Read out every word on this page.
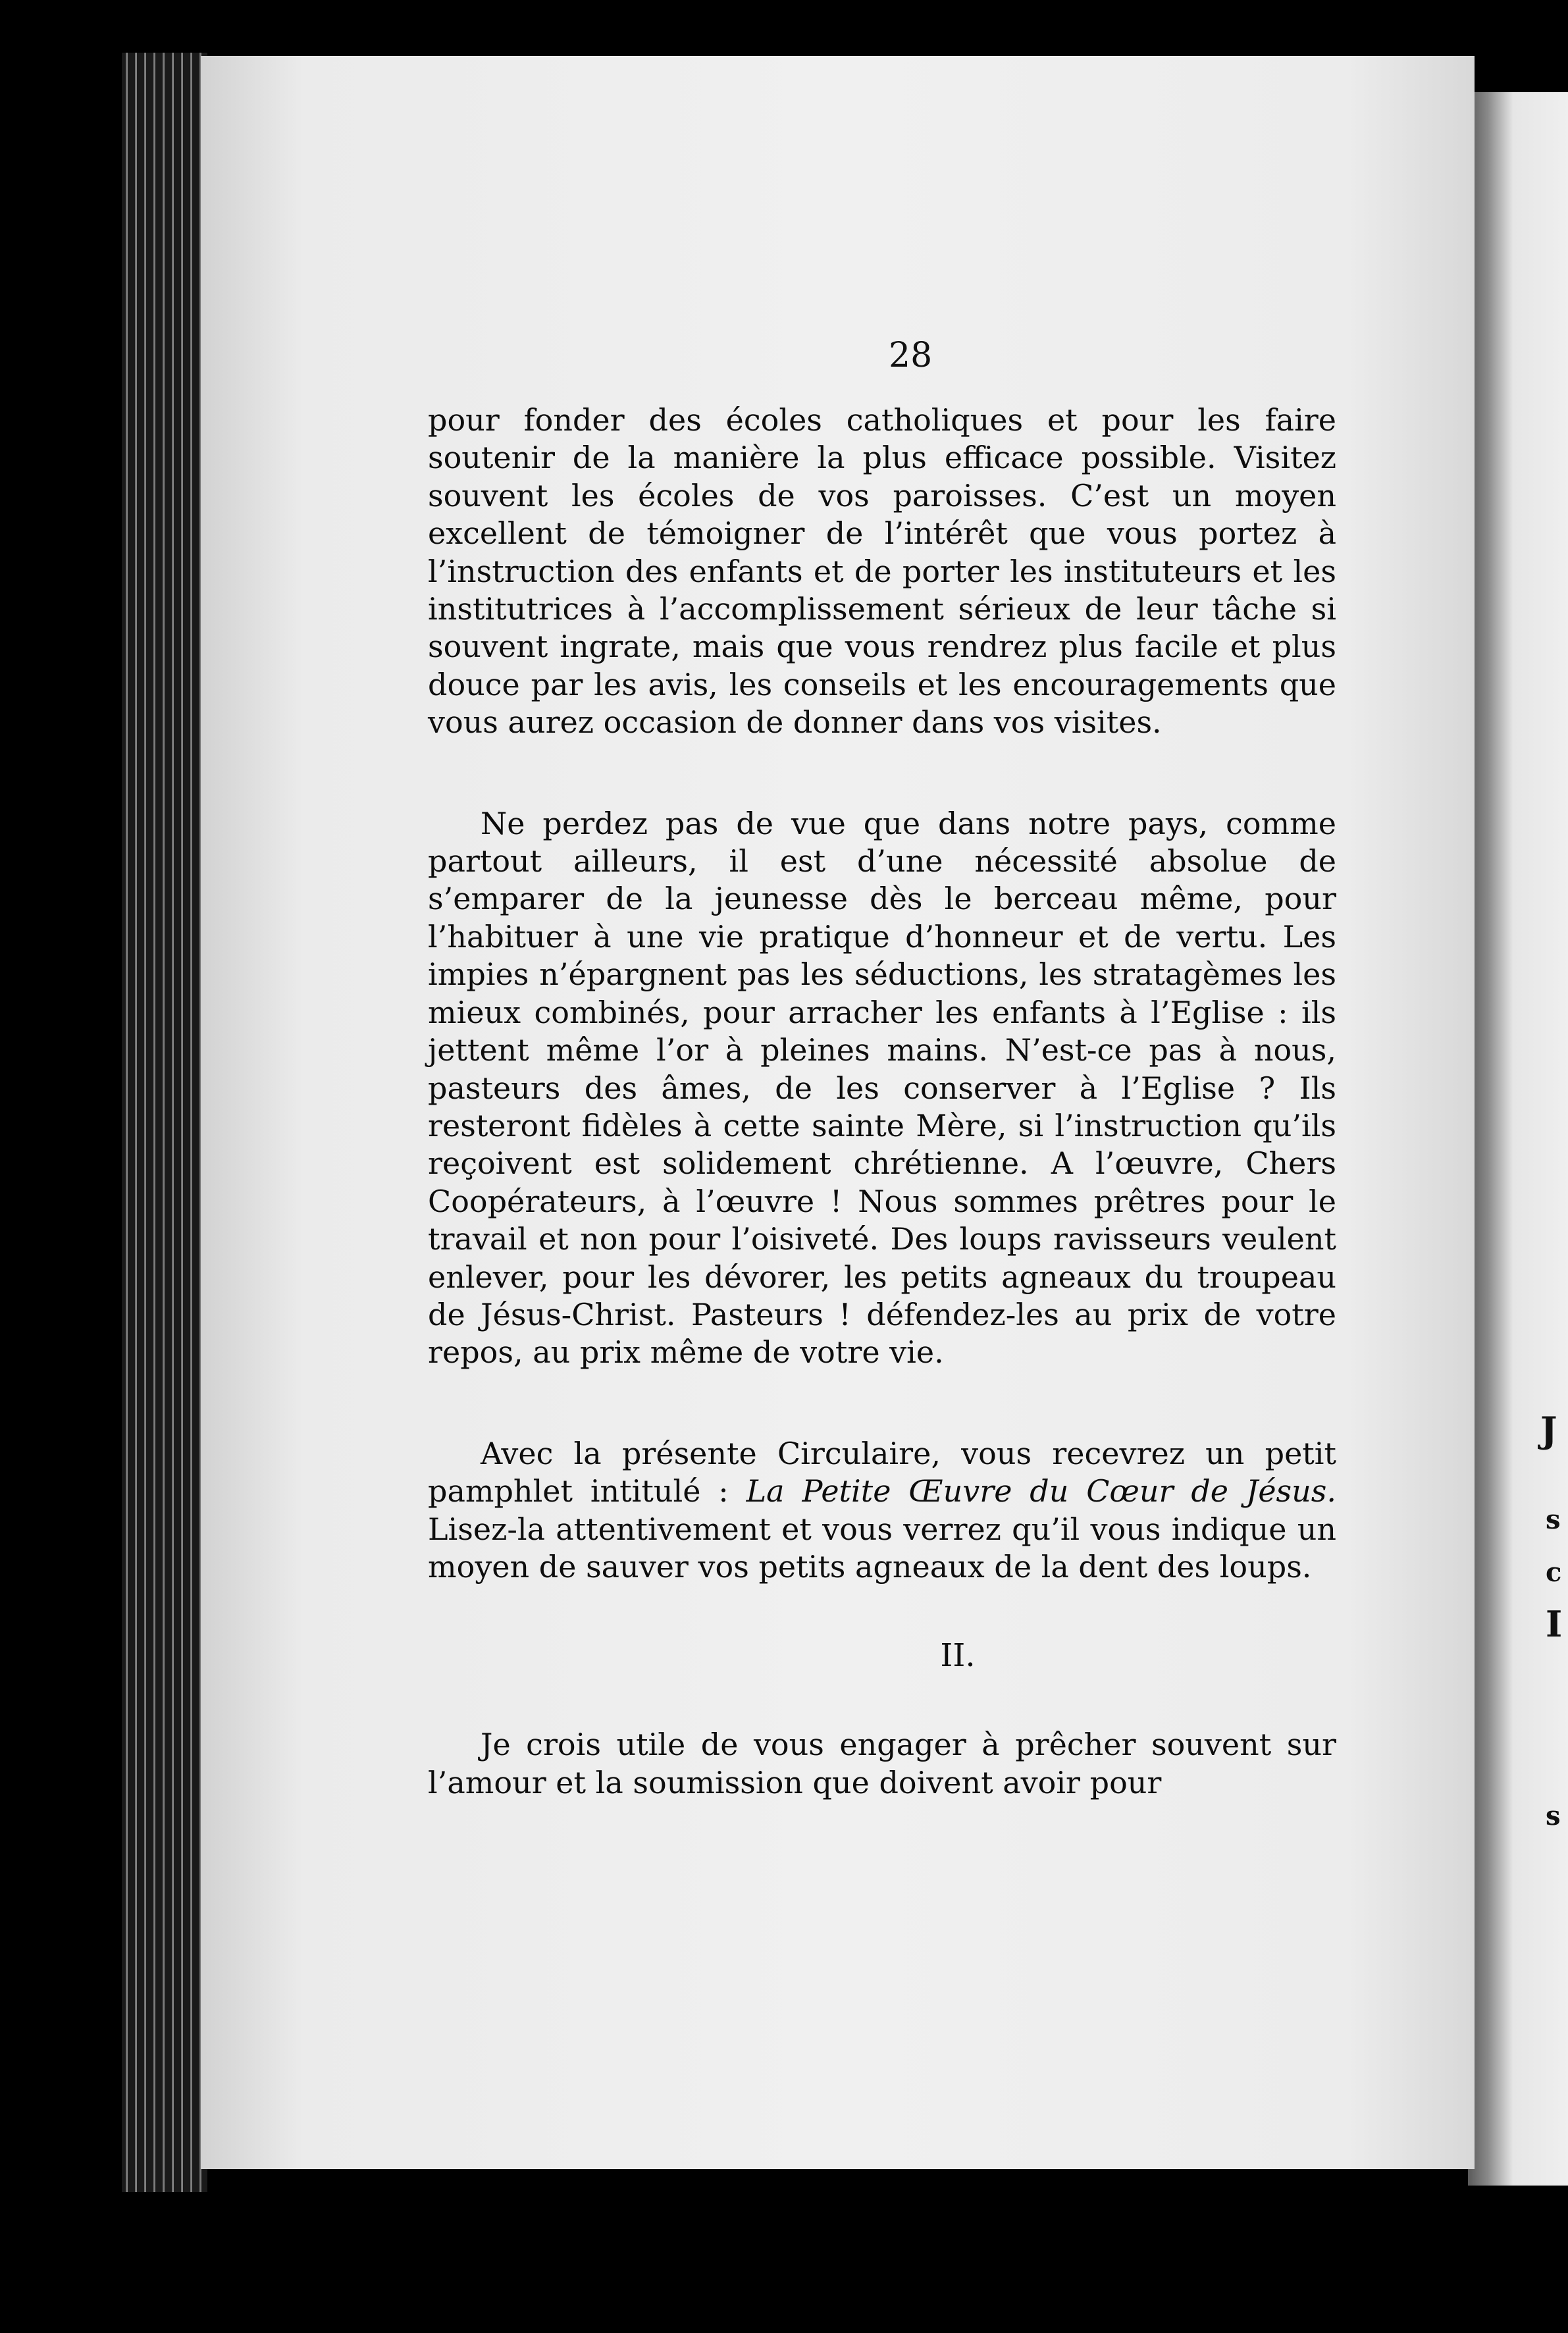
J
s
c
I
s
28

pour fonder des écoles catholiques et pour les faire soutenir de la manière la plus efficace possible. Visitez souvent les écoles de vos paroisses. C’est un moyen excellent de témoigner de l’intérêt que vous portez à l’instruction des enfants et de porter les instituteurs et les institutrices à l’accomplissement sérieux de leur tâche si souvent ingrate, mais que vous rendrez plus facile et plus douce par les avis, les conseils et les encouragements que vous aurez occasion de donner dans vos visites.

Ne perdez pas de vue que dans notre pays, comme partout ailleurs, il est d’une nécessité absolue de s’emparer de la jeunesse dès le berceau même, pour l’habituer à une vie pratique d’honneur et de vertu. Les impies n’épargnent pas les séductions, les stratagèmes les mieux combinés, pour arracher les enfants à l’Eglise : ils jettent même l’or à pleines mains. N’est-ce pas à nous, pasteurs des âmes, de les conserver à l’Eglise ? Ils resteront fidèles à cette sainte Mère, si l’instruction qu’ils reçoivent est solidement chrétienne. A l’œuvre, Chers Coopérateurs, à l’œuvre ! Nous sommes prêtres pour le travail et non pour l’oisiveté. Des loups ravisseurs veulent enlever, pour les dévorer, les petits agneaux du troupeau de Jésus-Christ. Pasteurs ! défendez-les au prix de votre repos, au prix même de votre vie.

Avec la présente Circulaire, vous recevrez un petit pamphlet intitulé : La Petite Œuvre du Cœur de Jésus. Lisez-la attentivement et vous verrez qu’il vous indique un moyen de sauver vos petits agneaux de la dent des loups.

II.

Je crois utile de vous engager à prêcher souvent sur l’amour et la soumission que doivent avoir pour
